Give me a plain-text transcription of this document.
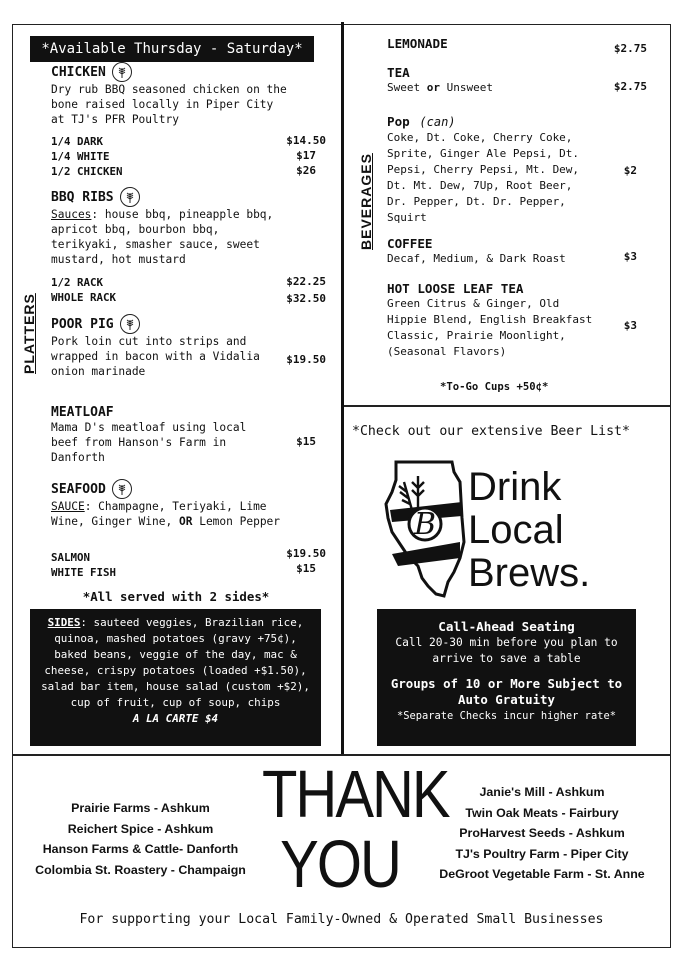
*Available Thursday - Saturday*
PLATTERS
BEVERAGES
CHICKEN
Dry rub BBQ seasoned chicken on the bone raised locally in Piper City at TJ's PFR Poultry
1/4 DARK	$14.50
1/4 WHITE	$17
1/2 CHICKEN	$26
BBQ RIBS
Sauces: house bbq, pineapple bbq, apricot bbq, bourbon bbq, terikyaki, smasher sauce, sweet mustard, hot mustard
1/2 RACK	$22.25
WHOLE RACK	$32.50
POOR PIG
Pork loin cut into strips and wrapped in bacon with a Vidalia onion marinade
$19.50
MEATLOAF
Mama D's meatloaf using local beef from Hanson's Farm in Danforth
$15
SEAFOOD
SAUCE: Champagne, Teriyaki, Lime Wine, Ginger Wine, OR Lemon Pepper
SALMON	$19.50
WHITE FISH	$15
*All served with 2 sides*
SIDES: sauteed veggies, Brazilian rice, quinoa, mashed potatoes (gravy +75¢), baked beans, veggie of the day, mac & cheese, crispy potatoes (loaded +$1.50), salad bar item, house salad (custom +$2), cup of fruit, cup of soup, chips
A LA CARTE $4
LEMONADE	$2.75
TEA
Sweet or Unsweet	$2.75
Pop (can)
Coke, Dt. Coke, Cherry Coke, Sprite, Ginger Ale Pepsi, Dt. Pepsi, Cherry Pepsi, Mt. Dew, Dt. Mt. Dew, 7Up, Root Beer, Dr. Pepper, Dt. Dr. Pepper, Squirt
$2
COFFEE
Decaf, Medium, & Dark Roast	$3
HOT LOOSE LEAF TEA
Green Citrus & Ginger, Old Hippie Blend, English Breakfast Classic, Prairie Moonlight, (Seasonal Flavors)
$3
*To-Go Cups +50¢*
*Check out our extensive Beer List*
B
Drink
Local
Brews.
Call-Ahead Seating
Call 20-30 min before you plan to arrive to save a table
Groups of 10 or More Subject to Auto Gratuity
*Separate Checks incur higher rate*
Prairie Farms - Ashkum
Reichert Spice - Ashkum
Hanson Farms & Cattle- Danforth
Colombia St. Roastery - Champaign
THANK
YOU
Janie's Mill - Ashkum
Twin Oak Meats - Fairbury
ProHarvest Seeds - Ashkum
TJ's Poultry Farm - Piper City
DeGroot Vegetable Farm - St. Anne
For supporting your Local Family-Owned & Operated Small Businesses
